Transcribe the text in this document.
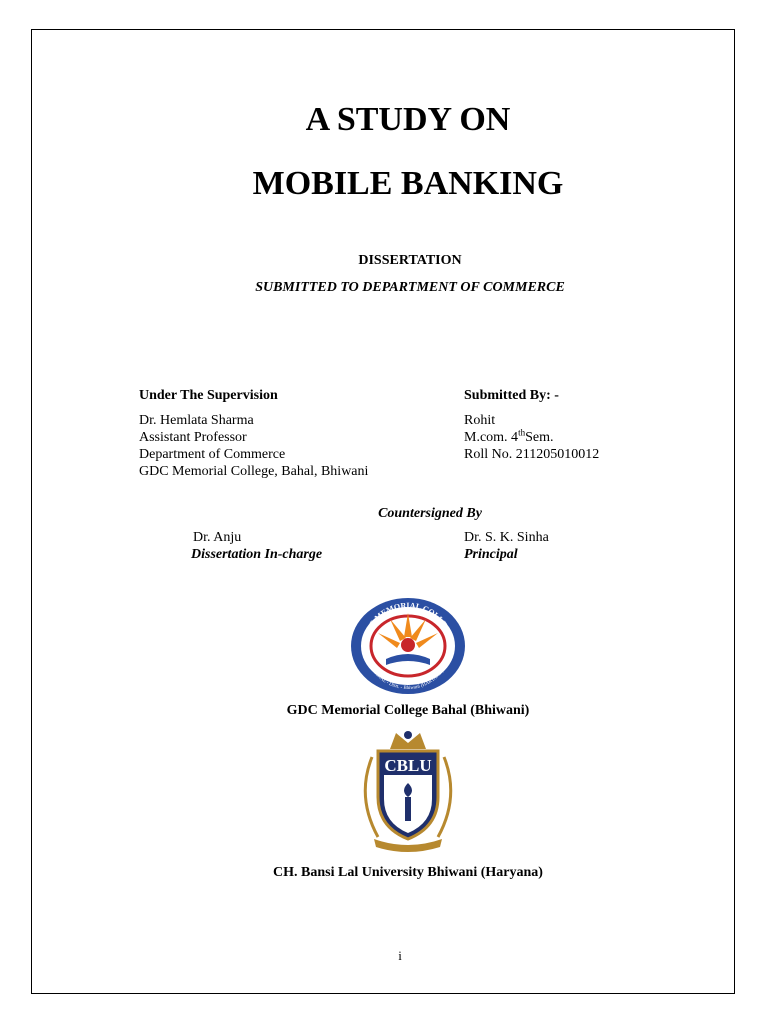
A STUDY ON
MOBILE BANKING
DISSERTATION
SUBMITTED TO DEPARTMENT OF COMMERCE
Under The Supervision
Dr. Hemlata Sharma
Assistant Professor
Department of Commerce
GDC Memorial College, Bahal, Bhiwani
Submitted By: -
Rohit
M.com. 4thSem.
Roll No. 211205010012
Countersigned By
Dr. Anju
Dissertation In-charge
Dr. S. K. Sinha
Principal
GDC MEMORIAL COLLEGE
BAHAL - Distt. - Bhiwani (HARYANA)
GDC Memorial College Bahal (Bhiwani)
CBLU
CH. Bansi Lal University Bhiwani (Haryana)
i
